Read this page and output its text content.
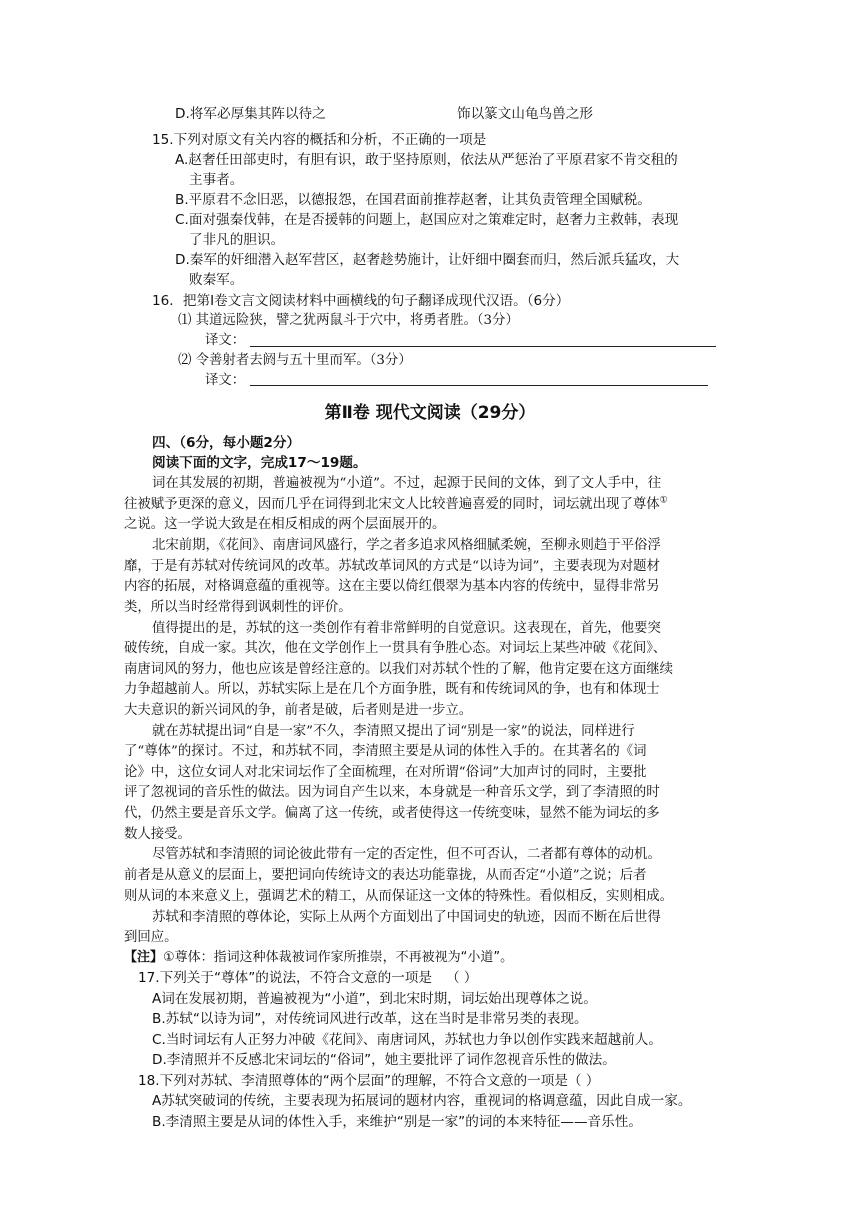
D.将军必厚集其阵以待之	饰以篆文山龟鸟兽之形
15.下列对原文有关内容的概括和分析，不正确的一项是
A.赵奢任田部吏时，有胆有识，敢于坚持原则，依法从严惩治了平原君家不肯交租的
主事者。
B.平原君不念旧恶，以德报怨，在国君面前推荐赵奢，让其负责管理全国赋税。
C.面对强秦伐韩，在是否援韩的问题上，赵国应对之策难定时，赵奢力主救韩，表现
了非凡的胆识。
D.秦军的奸细潜入赵军营区，赵奢趁势施计，让奸细中圈套而归，然后派兵猛攻，大
败秦军。
16．把第Ⅰ卷文言文阅读材料中画横线的句子翻译成现代汉语。（6分）
⑴ 其道远险狭，譬之犹两鼠斗于穴中，将勇者胜。（3分）
译文：
⑵ 令善射者去阏与五十里而军。（3分）
译文：
第Ⅱ卷 现代文阅读（29分）
四、（6分，每小题2分）
阅读下面的文字，完成17～19题。
词在其发展的初期，普遍被视为“小道”。不过，起源于民间的文体，到了文人手中，往
往被赋予更深的意义，因而几乎在词得到北宋文人比较普遍喜爱的同时，词坛就出现了尊体①
之说。这一学说大致是在相反相成的两个层面展开的。
北宋前期，《花间》、南唐词风盛行，学之者多追求风格细腻柔婉，至柳永则趋于平俗浮
靡，于是有苏轼对传统词风的改革。苏轼改革词风的方式是“以诗为词”，主要表现为对题材
内容的拓展，对格调意蕴的重视等。这在主要以倚红偎翠为基本内容的传统中，显得非常另
类，所以当时经常得到讽刺性的评价。
值得提出的是，苏轼的这一类创作有着非常鲜明的自觉意识。这表现在，首先，他要突
破传统，自成一家。其次，他在文学创作上一贯具有争胜心态。对词坛上某些冲破《花间》、
南唐词风的努力，他也应该是曾经注意的。以我们对苏轼个性的了解，他肯定要在这方面继续
力争超越前人。所以，苏轼实际上是在几个方面争胜，既有和传统词风的争，也有和体现士
大夫意识的新兴词风的争，前者是破，后者则是进一步立。
就在苏轼提出词“自是一家”不久，李清照又提出了词“别是一家”的说法，同样进行
了“尊体”的探讨。不过，和苏轼不同，李清照主要是从词的体性入手的。在其著名的《词
论》中，这位女词人对北宋词坛作了全面梳理，在对所谓“俗词”大加声讨的同时，主要批
评了忽视词的音乐性的做法。因为词自产生以来，本身就是一种音乐文学，到了李清照的时
代，仍然主要是音乐文学。偏离了这一传统，或者使得这一传统变味，显然不能为词坛的多
数人接受。
尽管苏轼和李清照的词论彼此带有一定的否定性，但不可否认，二者都有尊体的动机。
前者是从意义的层面上，要把词向传统诗文的表达功能靠拢，从而否定“小道”之说；后者
则从词的本来意义上，强调艺术的精工，从而保证这一文体的特殊性。看似相反，实则相成。
苏轼和李清照的尊体论，实际上从两个方面划出了中国词史的轨迹，因而不断在后世得
到回应。
【注】①尊体：指词这种体裁被词作家所推崇，不再被视为“小道”。
17.下列关于“尊体”的说法，不符合文意的一项是 （ ）
A词在发展初期，普遍被视为“小道”，到北宋时期，词坛始出现尊体之说。
B.苏轼“以诗为词”，对传统词风进行改革，这在当时是非常另类的表现。
C.当时词坛有人正努力冲破《花间》、南唐词风，苏轼也力争以创作实践来超越前人。
D.李清照并不反感北宋词坛的“俗词”，她主要批评了词作忽视音乐性的做法。
18.下列对苏轼、李清照尊体的“两个层面”的理解，不符合文意的一项是（ ）
A苏轼突破词的传统，主要表现为拓展词的题材内容，重视词的格调意蕴，因此自成一家。
B.李清照主要是从词的体性入手，来维护“别是一家”的词的本来特征——音乐性。
